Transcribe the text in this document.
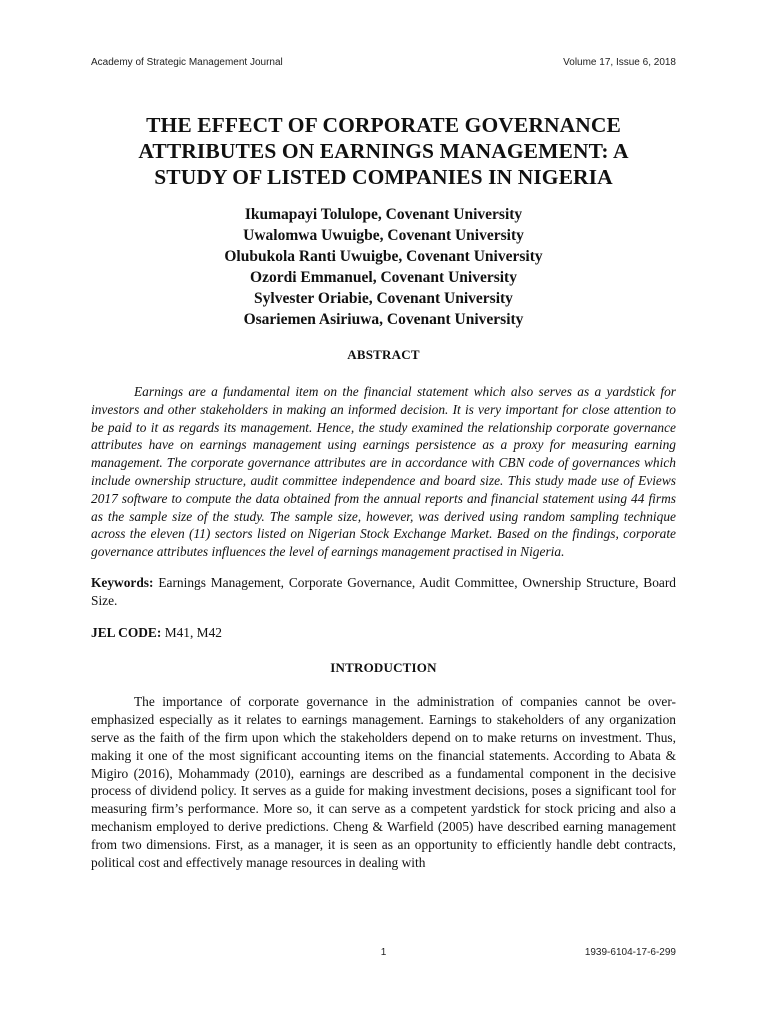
Academy of Strategic Management Journal	Volume 17, Issue 6, 2018
THE EFFECT OF CORPORATE GOVERNANCE
ATTRIBUTES ON EARNINGS MANAGEMENT: A
STUDY OF LISTED COMPANIES IN NIGERIA
Ikumapayi Tolulope, Covenant University
Uwalomwa Uwuigbe, Covenant University
Olubukola Ranti Uwuigbe, Covenant University
Ozordi Emmanuel, Covenant University
Sylvester Oriabie, Covenant University
Osariemen Asiriuwa, Covenant University
ABSTRACT

Earnings are a fundamental item on the financial statement which also serves as a yardstick for investors and other stakeholders in making an informed decision. It is very important for close attention to be paid to it as regards its management. Hence, the study examined the relationship corporate governance attributes have on earnings management using earnings persistence as a proxy for measuring earning management. The corporate governance attributes are in accordance with CBN code of governances which include ownership structure, audit committee independence and board size. This study made use of Eviews 2017 software to compute the data obtained from the annual reports and financial statement using 44 firms as the sample size of the study. The sample size, however, was derived using random sampling technique across the eleven (11) sectors listed on Nigerian Stock Exchange Market. Based on the findings, corporate governance attributes influences the level of earnings management practised in Nigeria.

Keywords: Earnings Management, Corporate Governance, Audit Committee, Ownership Structure, Board Size.

JEL CODE: M41, M42

INTRODUCTION

The importance of corporate governance in the administration of companies cannot be over-emphasized especially as it relates to earnings management. Earnings to stakeholders of any organization serve as the faith of the firm upon which the stakeholders depend on to make returns on investment. Thus, making it one of the most significant accounting items on the financial statements. According to Abata & Migiro (2016), Mohammady (2010), earnings are described as a fundamental component in the decisive process of dividend policy. It serves as a guide for making investment decisions, poses a significant tool for measuring firm’s performance. More so, it can serve as a competent yardstick for stock pricing and also a mechanism employed to derive predictions. Cheng & Warfield (2005) have described earning management from two dimensions. First, as a manager, it is seen as an opportunity to efficiently handle debt contracts, political cost and effectively manage resources in dealing with

1	1939-6104-17-6-299
